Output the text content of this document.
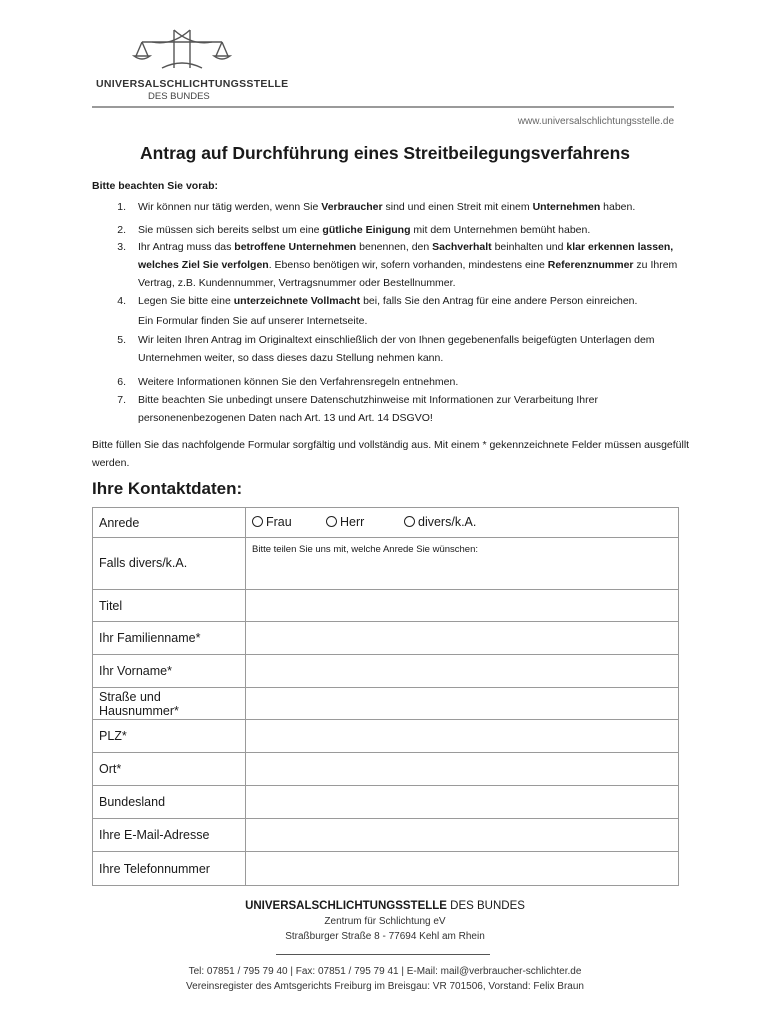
UNIVERSALSCHLICHTUNGSSTELLE
DES BUNDES
www.universalschlichtungsstelle.de
Antrag auf Durchführung eines Streitbeilegungsverfahrens
Bitte beachten Sie vorab:
1. Wir können nur tätig werden, wenn Sie Verbraucher sind und einen Streit mit einem Unternehmen haben.
2. Sie müssen sich bereits selbst um eine gütliche Einigung mit dem Unternehmen bemüht haben.
3. Ihr Antrag muss das betroffene Unternehmen benennen, den Sachverhalt beinhalten und klar erkennen lassen, welches Ziel Sie verfolgen. Ebenso benötigen wir, sofern vorhanden, mindestens eine Referenznummer zu Ihrem Vertrag, z.B. Kundennummer, Vertragsnummer oder Bestellnummer.
4. Legen Sie bitte eine unterzeichnete Vollmacht bei, falls Sie den Antrag für eine andere Person einreichen.
Ein Formular finden Sie auf unserer Internetseite.
5. Wir leiten Ihren Antrag im Originaltext einschließlich der von Ihnen gegebenenfalls beigefügten Unterlagen dem Unternehmen weiter, so dass dieses dazu Stellung nehmen kann.
6. Weitere Informationen können Sie den Verfahrensregeln entnehmen.
7. Bitte beachten Sie unbedingt unsere Datenschutzhinweise mit Informationen zur Verarbeitung Ihrer personenenbezogenen Daten nach Art. 13 und Art. 14 DSGVO!
Bitte füllen Sie das nachfolgende Formular sorgfältig und vollständig aus. Mit einem * gekennzeichnete Felder müssen ausgefüllt werden.
Ihre Kontaktdaten:
Anrede	Frau Herr divers/k.A.

Falls divers/k.A.	$^{Bitte teilen Sie uns mit, welche Anrede Sie wünschen:}$
Titel	
Ihr Familienname*	
Ihr Vorname*	
Straße und Hausnummer*	
PLZ*	
Ort*	
Bundesland	
Ihre E-Mail-Adresse	
Ihre Telefonnummer	
UNIVERSALSCHLICHTUNGSSTELLE DES BUNDES
Zentrum für Schlichtung eV
Straßburger Straße 8 - 77694 Kehl am Rhein
Tel: 07851 / 795 79 40 | Fax: 07851 / 795 79 41 | E-Mail: mail@verbraucher-schlichter.de
Vereinsregister des Amtsgerichts Freiburg im Breisgau: VR 701506, Vorstand: Felix Braun
